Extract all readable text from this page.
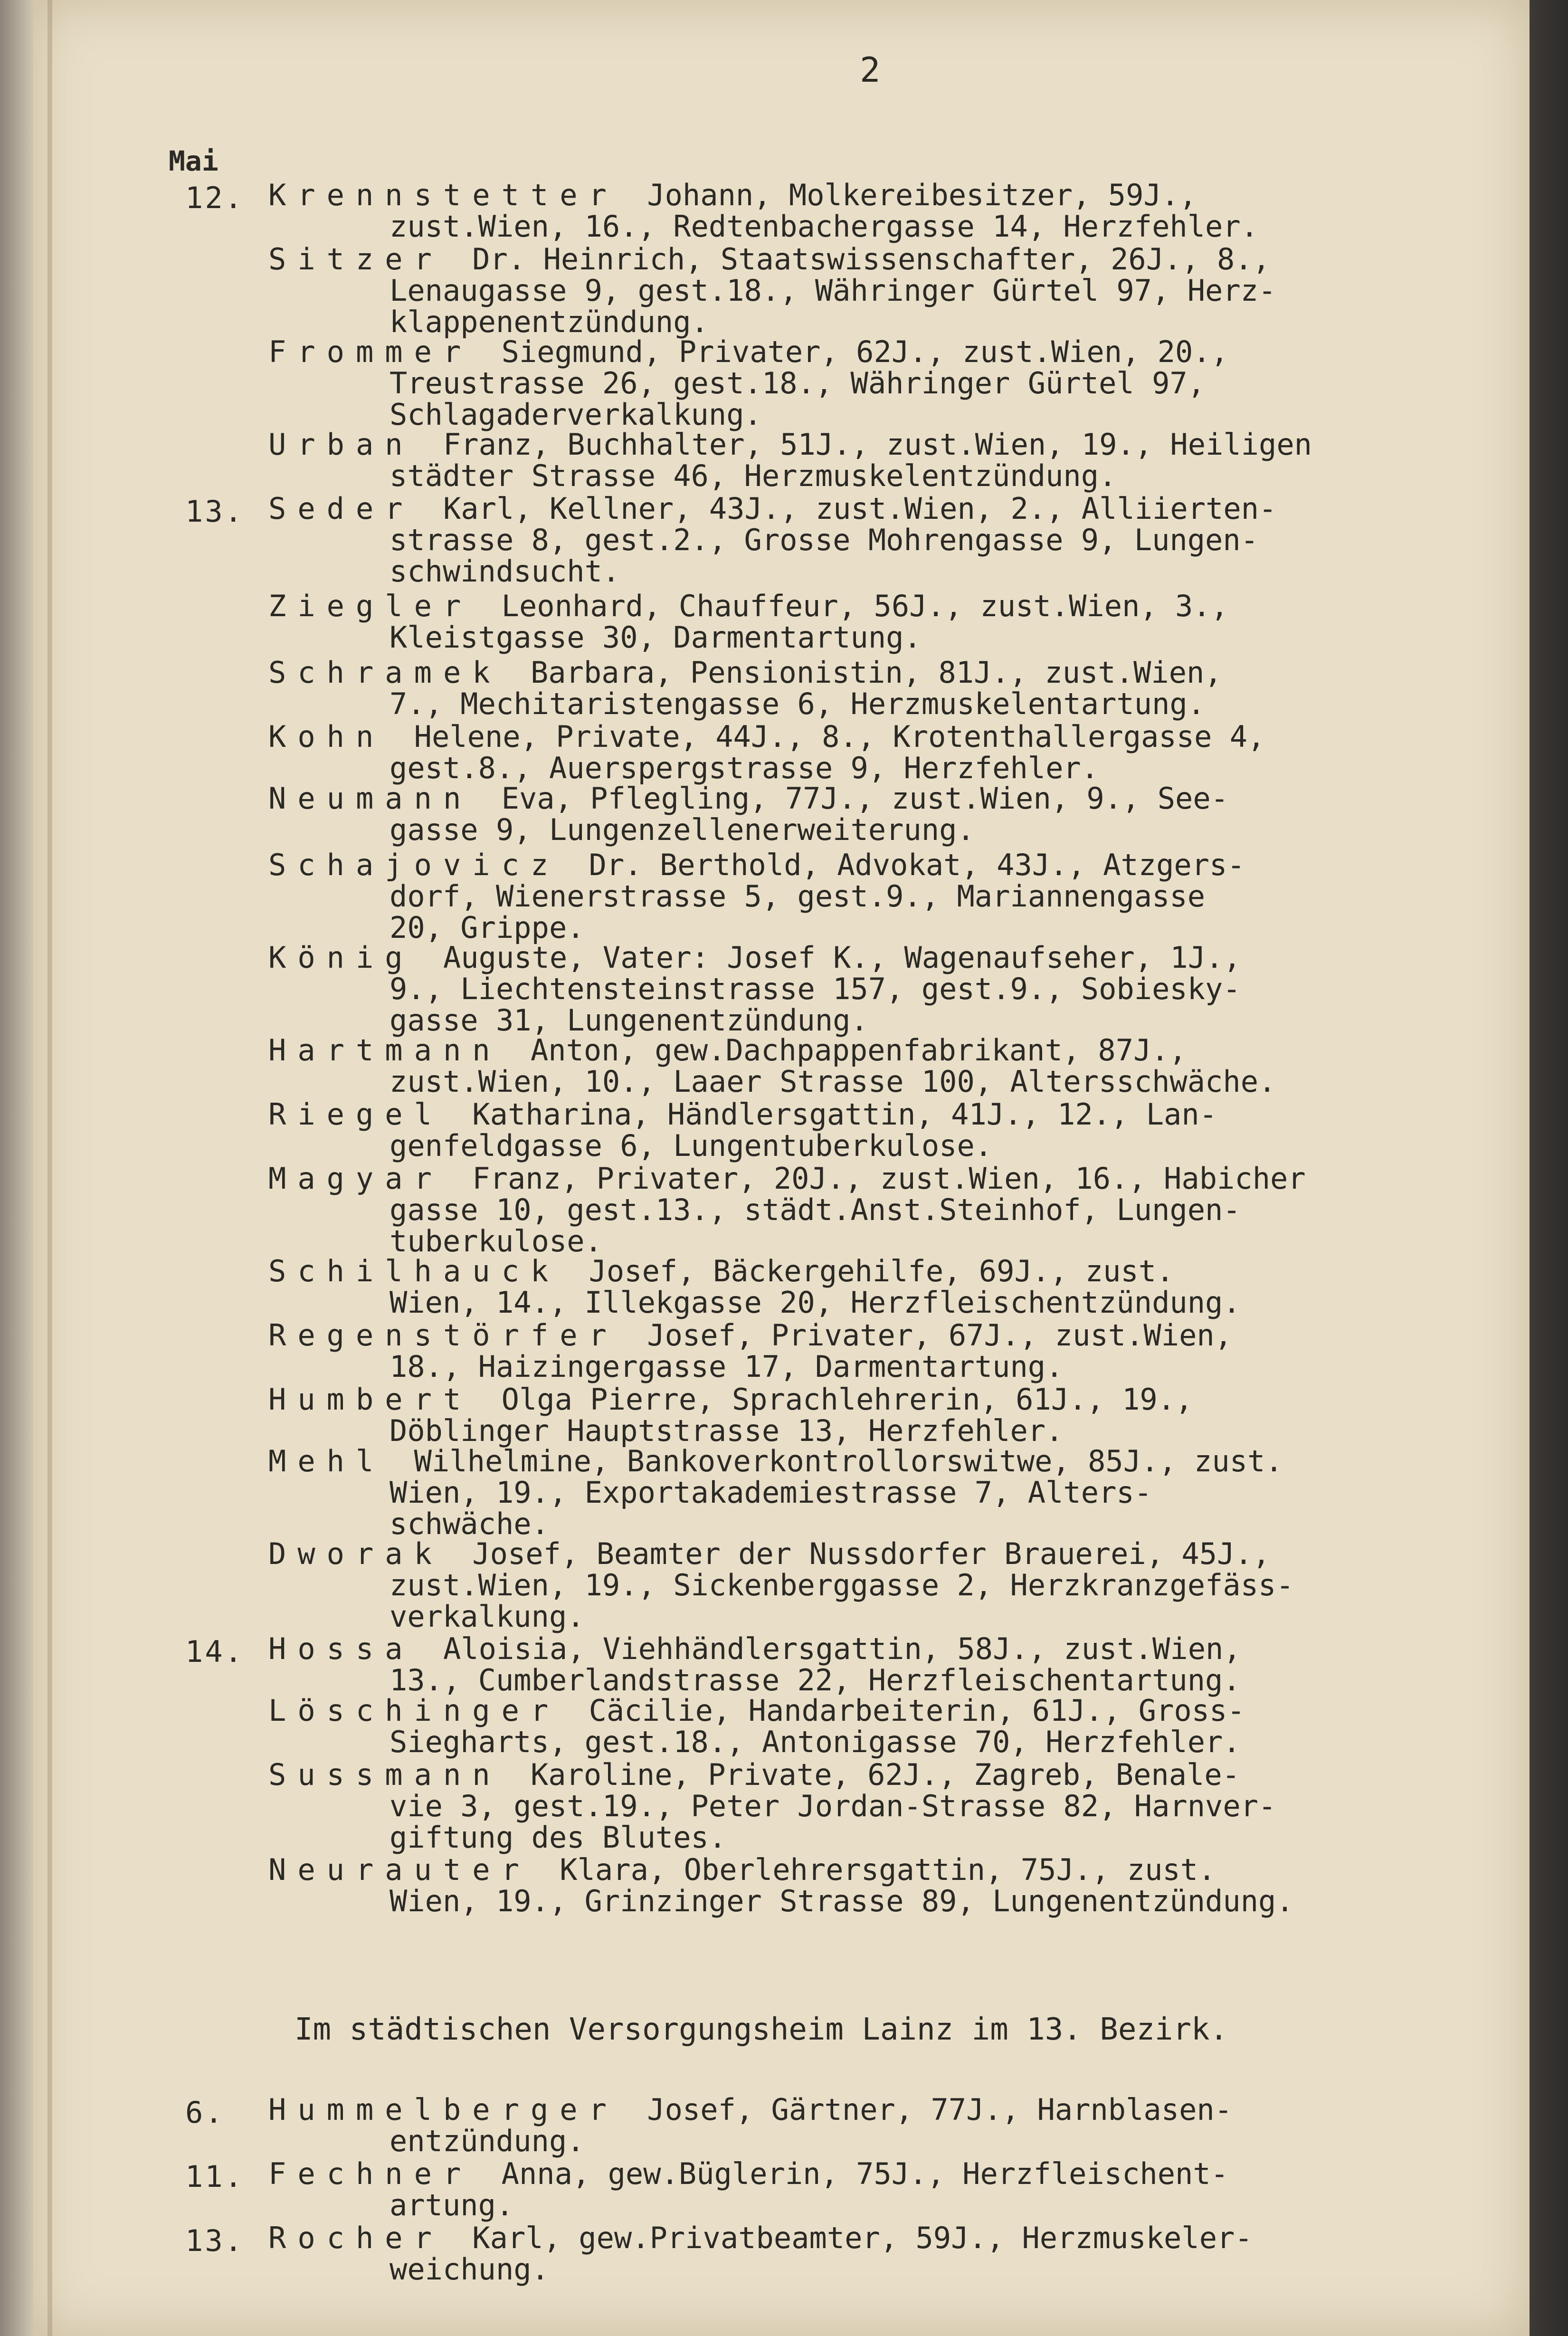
2
Mai
12. Krennstetter Johann, Molkereibesitzer, 59J.,
zust.Wien, 16., Redtenbachergasse 14, Herzfehler.
Sitzer Dr. Heinrich, Staatswissenschafter, 26J., 8.,
Lenaugasse 9, gest.18., Währinger Gürtel 97, Herz-
klappenentzündung.
Frommer Siegmund, Privater, 62J., zust.Wien, 20.,
Treustrasse 26, gest.18., Währinger Gürtel 97,
Schlagaderverkalkung.
Urban Franz, Buchhalter, 51J., zust.Wien, 19., Heiligen
städter Strasse 46, Herzmuskelentzündung.
13. Seder Karl, Kellner, 43J., zust.Wien, 2., Alliierten-
strasse 8, gest.2., Grosse Mohrengasse 9, Lungen-
schwindsucht.
Ziegler Leonhard, Chauffeur, 56J., zust.Wien, 3.,
Kleistgasse 30, Darmentartung.
Schramek Barbara, Pensionistin, 81J., zust.Wien,
7., Mechitaristengasse 6, Herzmuskelentartung.
Kohn Helene, Private, 44J., 8., Krotenthallergasse 4,
gest.8., Auerspergstrasse 9, Herzfehler.
Neumann Eva, Pflegling, 77J., zust.Wien, 9., See-
gasse 9, Lungenzellenerweiterung.
Schajovicz Dr. Berthold, Advokat, 43J., Atzgers-
dorf, Wienerstrasse 5, gest.9., Mariannengasse
20, Grippe.
König Auguste, Vater: Josef K., Wagenaufseher, 1J.,
9., Liechtensteinstrasse 157, gest.9., Sobiesky-
gasse 31, Lungenentzündung.
Hartmann Anton, gew.Dachpappenfabrikant, 87J.,
zust.Wien, 10., Laaer Strasse 100, Altersschwäche.
Riegel Katharina, Händlersgattin, 41J., 12., Lan-
genfeldgasse 6, Lungentuberkulose.
Magyar Franz, Privater, 20J., zust.Wien, 16., Habicher
gasse 10, gest.13., städt.Anst.Steinhof, Lungen-
tuberkulose.
Schilhauck Josef, Bäckergehilfe, 69J., zust.
Wien, 14., Illekgasse 20, Herzfleischentzündung.
Regenstörfer Josef, Privater, 67J., zust.Wien,
18., Haizingergasse 17, Darmentartung.
Humbert Olga Pierre, Sprachlehrerin, 61J., 19.,
Döblinger Hauptstrasse 13, Herzfehler.
Mehl Wilhelmine, Bankoverkontrollorswitwe, 85J., zust.
Wien, 19., Exportakademiestrasse 7, Alters-
schwäche.
Dworak Josef, Beamter der Nussdorfer Brauerei, 45J.,
zust.Wien, 19., Sickenberggasse 2, Herzkranzgefäss-
verkalkung.
14. Hossa Aloisia, Viehhändlersgattin, 58J., zust.Wien,
13., Cumberlandstrasse 22, Herzfleischentartung.
Löschinger Cäcilie, Handarbeiterin, 61J., Gross-
Siegharts, gest.18., Antonigasse 70, Herzfehler.
Sussmann Karoline, Private, 62J., Zagreb, Benale-
vie 3, gest.19., Peter Jordan-Strasse 82, Harnver-
giftung des Blutes.
Neurauter Klara, Oberlehrersgattin, 75J., zust.
Wien, 19., Grinzinger Strasse 89, Lungenentzündung.
Im städtischen Versorgungsheim Lainz im 13. Bezirk.
6. Hummelberger Josef, Gärtner, 77J., Harnblasen-
entzündung.
11. Fechner Anna, gew.Büglerin, 75J., Herzfleischent-
artung.
13. Rocher Karl, gew.Privatbeamter, 59J., Herzmuskeler-
weichung.
